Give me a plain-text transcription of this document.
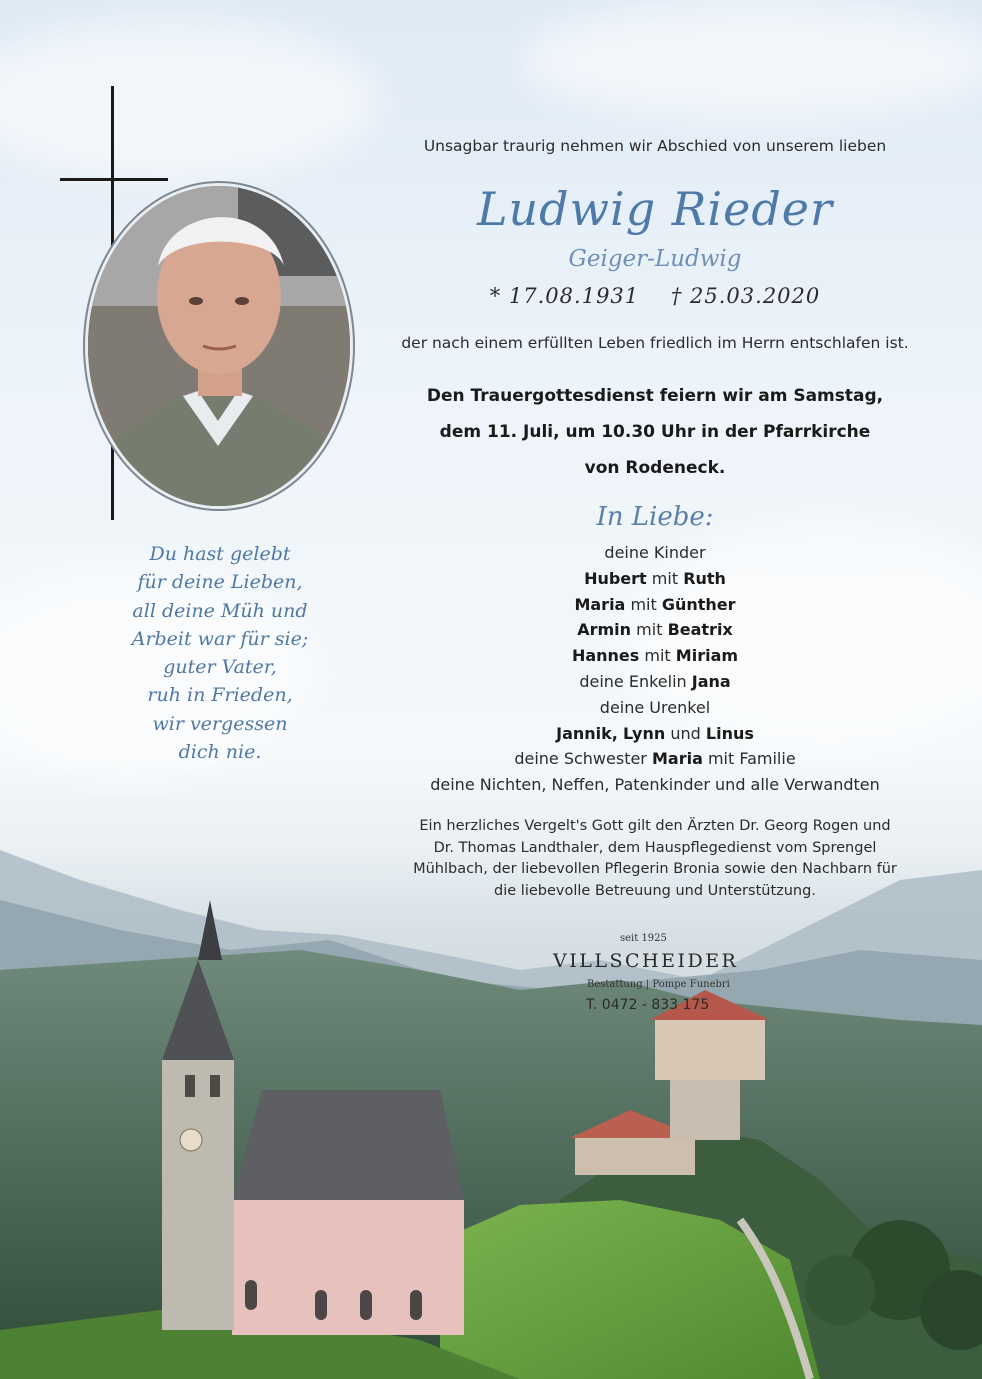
Du hast gelebt
für deine Lieben,
all deine Müh und
Arbeit war für sie;
guter Vater,
ruh in Frieden,
wir vergessen
dich nie.
Unsagbar traurig nehmen wir Abschied von unserem lieben
Ludwig Rieder
Geiger-Ludwig
* 17.08.1931 † 25.03.2020
der nach einem erfüllten Leben friedlich im Herrn entschlafen ist.
Den Trauergottesdienst feiern wir am Samstag,
dem 11. Juli, um 10.30 Uhr in der Pfarrkirche
von Rodeneck.
In Liebe:
deine Kinder
Hubert mit Ruth
Maria mit Günther
Armin mit Beatrix
Hannes mit Miriam
deine Enkelin Jana
deine Urenkel
Jannik, Lynn und Linus
deine Schwester Maria mit Familie
deine Nichten, Neffen, Patenkinder und alle Verwandten
Ein herzliches Vergelt's Gott gilt den Ärzten Dr. Georg Rogen und
Dr. Thomas Landthaler, dem Hauspflegedienst vom Sprengel
Mühlbach, der liebevollen Pflegerin Bronia sowie den Nachbarn für
die liebevolle Betreuung und Unterstützung.
seit 1925
VILLSCHEIDER
Bestattung | Pompe Funebri
T. 0472 - 833 175
